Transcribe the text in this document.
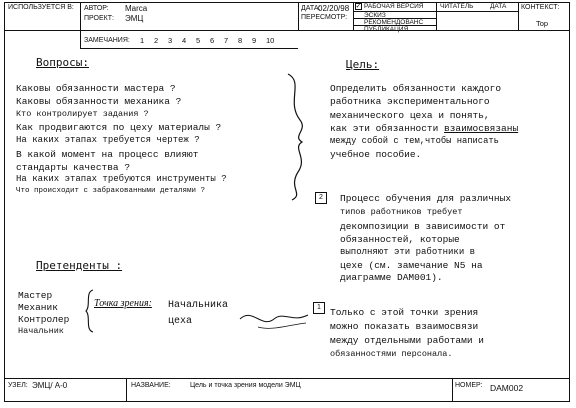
ИСПОЛЬЗУЕТСЯ В: АВТОР: Marca
ПРОЕКТ: ЭМЦ
ЗАМЕЧАНИЯ: 1 2 3 4 5 6 7 8 9 10
ДАТА:
02/20/98
ПЕРЕСМОТР:
✓ РАБОЧАЯ ВЕРСИЯ
ЭСКИЗ
РЕКОМЕНДОВАНС
ПУБЛИКАЦИЯ
ЧИТАТЕЛЬ	ДАТА КОНТЕКСТ:
Top
Вопросы:
Каковы обязанности мастера ?
Каковы обязанности механика ?
Кто контролирует задания ?
Как продвигаются по цеху материалы ?
На каких этапах требуется чертеж ?
В какой момент на процесс влияют
стандарты качества ?
На каких этапах требуются инструменты ?
Что происходит с забракованными деталями ?
Цель:
Определить обязанности каждого
работника экспериментального
механического цеха и понять,
как эти обязанности взаимосвязаны
между собой с тем,чтобы написать
учебное пособие.
2	Процесс обучения для различных
типов работников требует
декомпозиции в зависимости от
обязанностей, которые
выполняют эти работники в
цехе (см. замечание N5 на
диаграмме DAM001).
Претенденты :
Мастер
Механик
Контролер
Начальник
Точка зрения: Начальника
цеха
1 Только с этой точки зрения
можно показать взаимосвязи
между отдельными работами и
обязанностями персонала.
УЗЕЛ: ЭМЦ/ A-0	НАЗВАНИЕ:	Цель и точка зрения модели ЭМЦ	НОМЕР: DAM002
